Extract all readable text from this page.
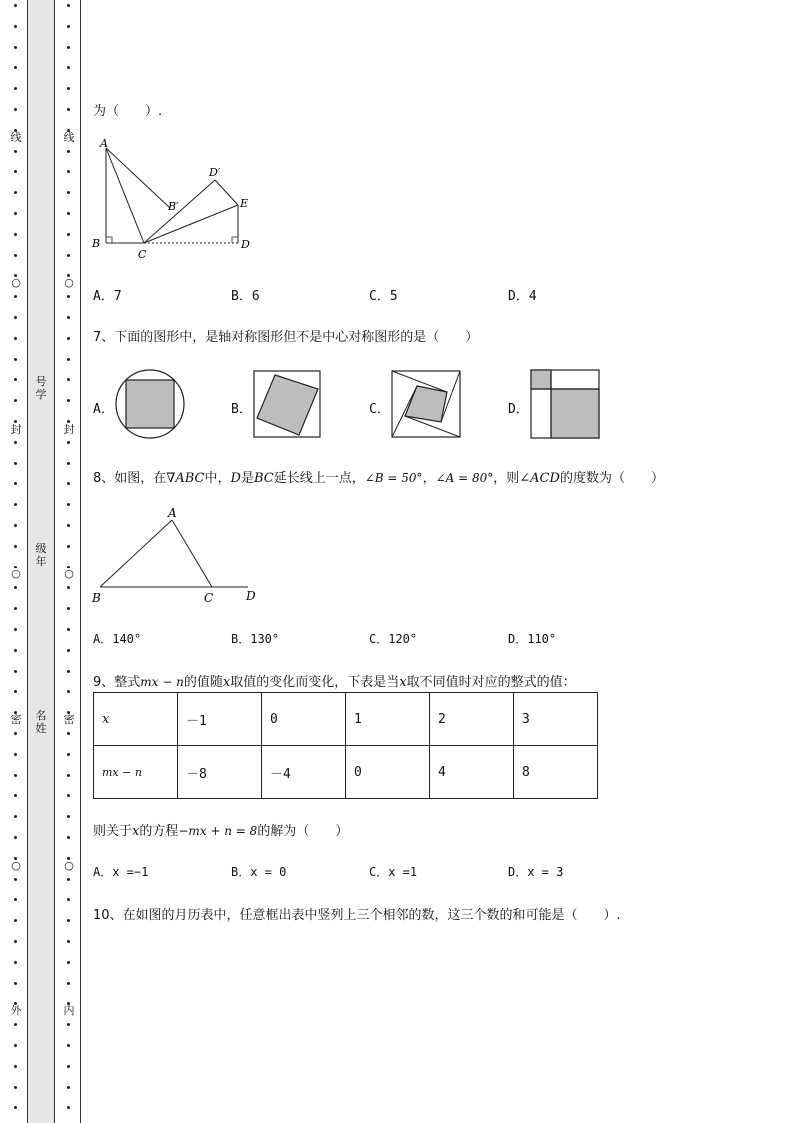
线
○
封
○
密
○
外
线
○
封
○
密
○
内
号学
级年
名姓
为（　　）.
A
B
C
D
E
B′
D′
A．7	B．6	C．5	D．4
7、下面的图形中，是轴对称图形但不是中心对称图形的是（　　）
A．	B．	C．	D．
8、如图，在∇ABC中，D是BC延长线上一点，∠B = 50°，∠A = 80°，则∠ACD的度数为（　　）
A
B	C	D
A．140°	B．130°	C．120°	D．110°
9、整式mx − n的值随x取值的变化而变化，下表是当x取不同值时对应的整式的值：
x	－1	0	1	2	3
mx − n	－8	－4	0	4	8
则关于x的方程−mx + n = 8的解为（　　）
A．x =−1	B．x = 0	C．x =1	D．x = 3
10、在如图的月历表中，任意框出表中竖列上三个相邻的数，这三个数的和可能是（　　）.
